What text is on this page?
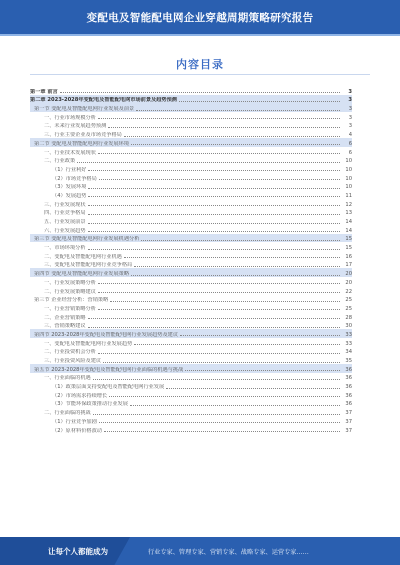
变配电及智能配电网企业穿越周期策略研究报告
内容目录
第一章 前言	3
第二章 2023-2028年变配电及智能配电网市场前景及趋势预测	3
第一节 变配电及智能配电网行业发展及前景	3
一、行业市场规模分析	3
二、未来行业发展趋势预测	3
三、行业主要企业及市场竞争格局	4
第二节 变配电及智能配电网行业发展环境	6
一、行业技术发展现状	6
二、行业政策	10
（1）行业利好	10
（2）市场竞争格局	10
（3）发展环境	10
（4）发展趋势	11
三、行业发展现状	12
四、行业竞争格局	13
五、行业发展前景	14
六、行业发展趋势	14
第三节 变配电及智能配电网行业发展机遇分析	15
一、市场环境分析	15
二、变配电及智能配电网行业机遇	16
三、变配电及智能配电网行业竞争格局	17
第四节 变配电及智能配电网行业发展策略	20
一、行业发展策略分析	20
二、行业发展策略建议	22
第三节 企业经营分析：营销策略	25
一、行业营销策略分析	25
二、企业营销策略	28
三、营销策略建议	30
第四节 2023-2028年变配电及智能配电网行业发展趋势及建议	33
一、变配电及智能配电网行业发展趋势	33
二、行业投资机会分析	34
三、行业投资风险及建议	35
第五节 2023-2028年变配电及智能配电网行业面临的机遇与挑战	36
一、行业面临的机遇	36
（1）政策层面支持变配电及智能配电网行业发展	36
（2）市场需求持续增长	36
（3）节能环保政策推动行业发展	36
二、行业面临的挑战	37
（1）行业竞争加剧	37
（2）原材料价格波动	37
让每个人都能成为	行业专家、管理专家、营销专家、战略专家、运营专家……
